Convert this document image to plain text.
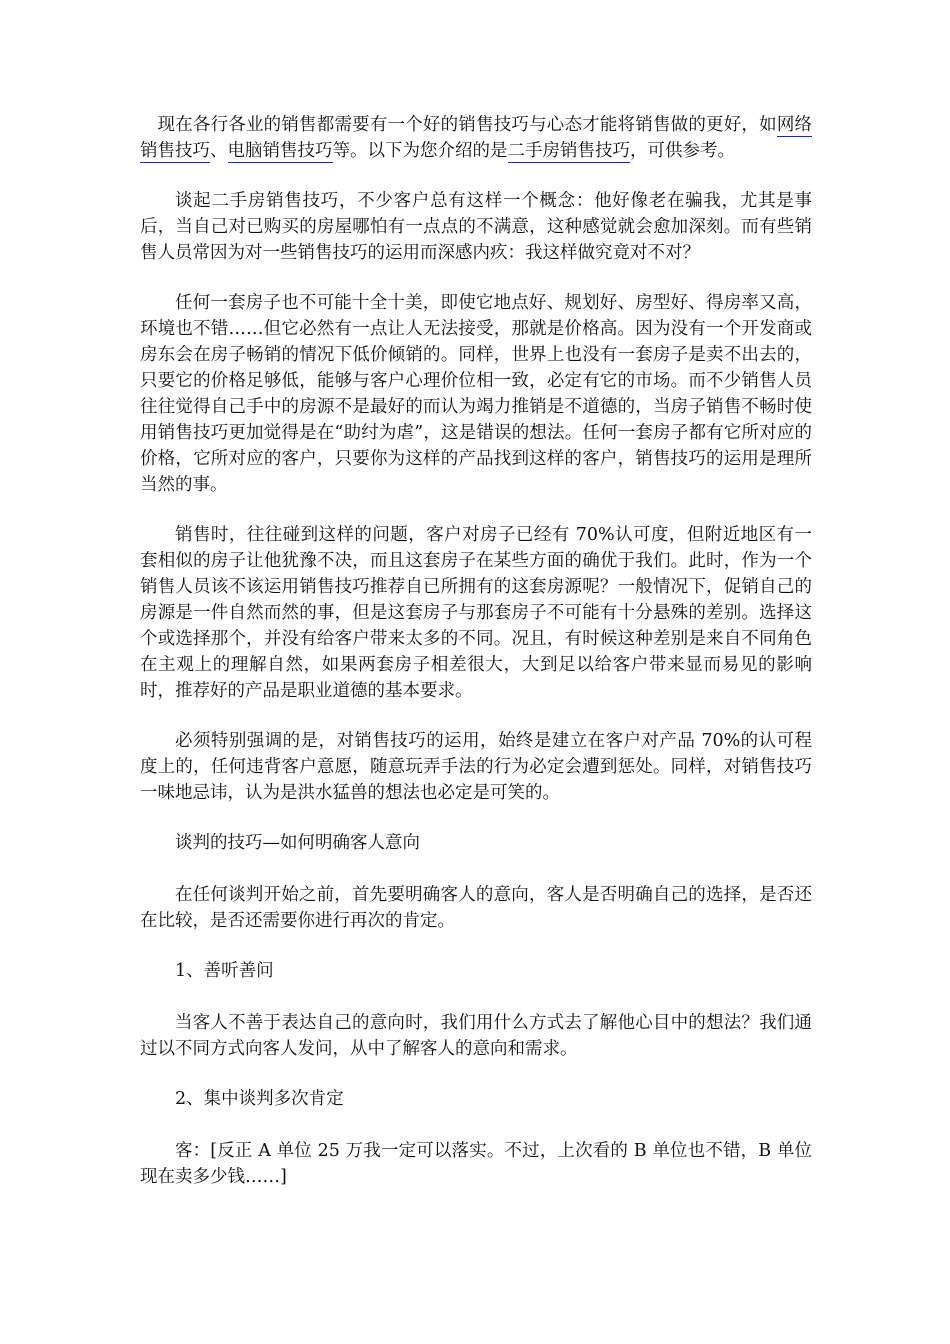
现在各行各业的销售都需要有一个好的销售技巧与心态才能将销售做的更好，如网络销售技巧、电脑销售技巧等。以下为您介绍的是二手房销售技巧，可供参考。

谈起二手房销售技巧，不少客户总有这样一个概念：他好像老在骗我，尤其是事后，当自己对已购买的房屋哪怕有一点点的不满意，这种感觉就会愈加深刻。而有些销售人员常因为对一些销售技巧的运用而深感内疚：我这样做究竟对不对？

任何一套房子也不可能十全十美，即使它地点好、规划好、房型好、得房率又高，环境也不错……但它必然有一点让人无法接受，那就是价格高。因为没有一个开发商或房东会在房子畅销的情况下低价倾销的。同样，世界上也没有一套房子是卖不出去的，只要它的价格足够低，能够与客户心理价位相一致，必定有它的市场。而不少销售人员往往觉得自己手中的房源不是最好的而认为竭力推销是不道德的，当房子销售不畅时使用销售技巧更加觉得是在“助纣为虐”，这是错误的想法。任何一套房子都有它所对应的价格，它所对应的客户，只要你为这样的产品找到这样的客户，销售技巧的运用是理所当然的事。

销售时，往往碰到这样的问题，客户对房子已经有 70%认可度，但附近地区有一套相似的房子让他犹豫不决，而且这套房子在某些方面的确优于我们。此时，作为一个销售人员该不该运用销售技巧推荐自已所拥有的这套房源呢？一般情况下，促销自己的房源是一件自然而然的事，但是这套房子与那套房子不可能有十分悬殊的差别。选择这个或选择那个，并没有给客户带来太多的不同。况且，有时候这种差别是来自不同角色在主观上的理解自然，如果两套房子相差很大，大到足以给客户带来显而易见的影响时，推荐好的产品是职业道德的基本要求。

必须特别强调的是，对销售技巧的运用，始终是建立在客户对产品 70%的认可程度上的，任何违背客户意愿，随意玩弄手法的行为必定会遭到惩处。同样，对销售技巧一味地忌讳，认为是洪水猛兽的想法也必定是可笑的。

谈判的技巧—如何明确客人意向

在任何谈判开始之前，首先要明确客人的意向，客人是否明确自己的选择，是否还在比较，是否还需要你进行再次的肯定。

1、善听善问

当客人不善于表达自己的意向时，我们用什么方式去了解他心目中的想法？我们通过以不同方式向客人发问，从中了解客人的意向和需求。

2、集中谈判多次肯定

客：[反正 A 单位 25 万我一定可以落实。不过，上次看的 B 单位也不错，B 单位现在卖多少钱……]
